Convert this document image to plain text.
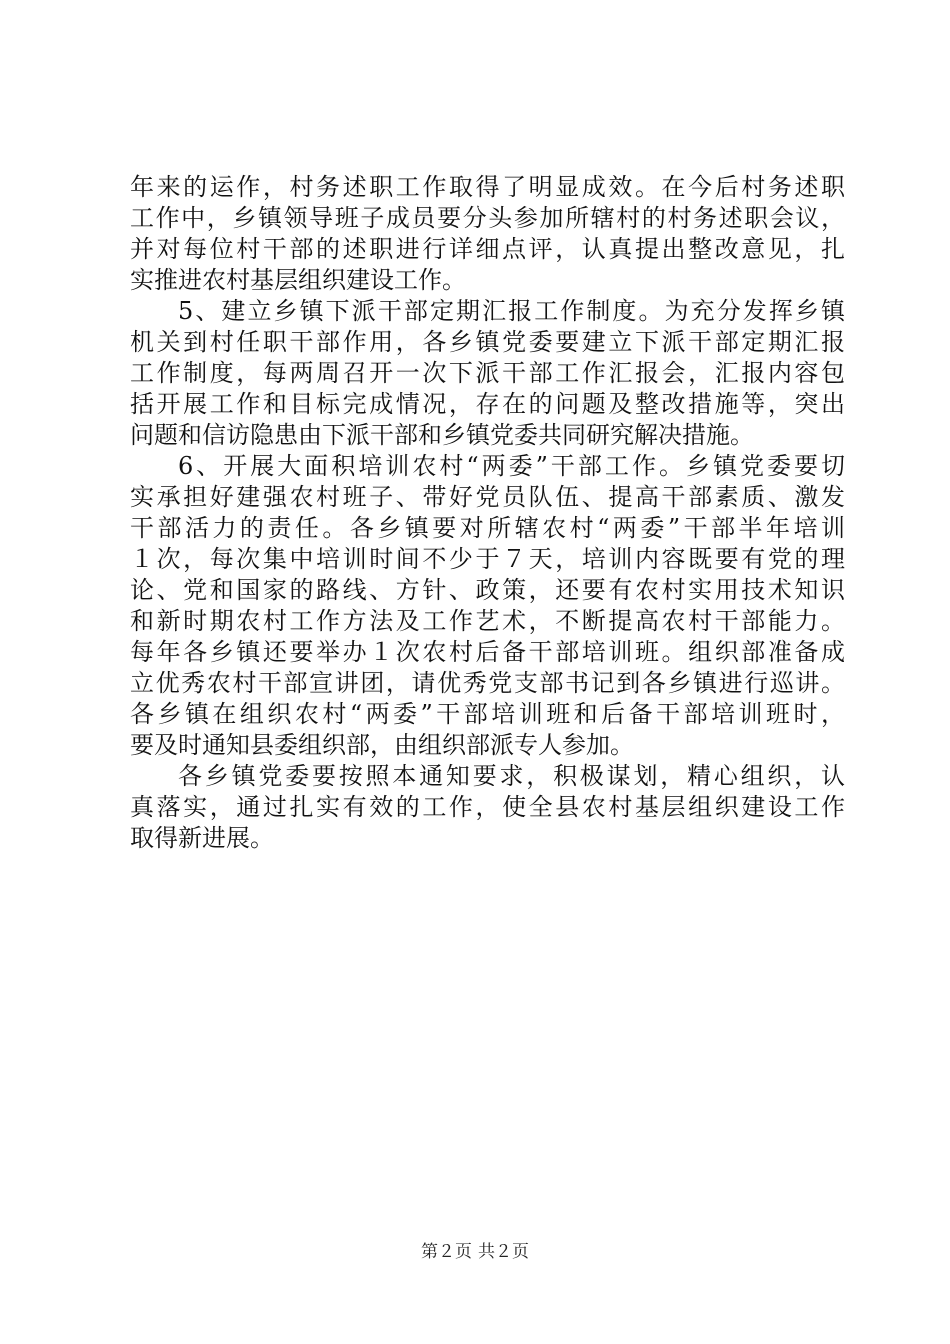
年来的运作，村务述职工作取得了明显成效。在今后村务述职
工作中，乡镇领导班子成员要分头参加所辖村的村务述职会议，
并对每位村干部的述职进行详细点评，认真提出整改意见，扎
实推进农村基层组织建设工作。
5、建立乡镇下派干部定期汇报工作制度。为充分发挥乡镇
机关到村任职干部作用，各乡镇党委要建立下派干部定期汇报
工作制度，每两周召开一次下派干部工作汇报会，汇报内容包
括开展工作和目标完成情况，存在的问题及整改措施等，突出
问题和信访隐患由下派干部和乡镇党委共同研究解决措施。
6、开展大面积培训农村“两委”干部工作。乡镇党委要切
实承担好建强农村班子、带好党员队伍、提高干部素质、激发
干部活力的责任。各乡镇要对所辖农村“两委”干部半年培训
１次，每次集中培训时间不少于７天，培训内容既要有党的理
论、党和国家的路线、方针、政策，还要有农村实用技术知识
和新时期农村工作方法及工作艺术，不断提高农村干部能力。
每年各乡镇还要举办１次农村后备干部培训班。组织部准备成
立优秀农村干部宣讲团，请优秀党支部书记到各乡镇进行巡讲。
各乡镇在组织农村“两委”干部培训班和后备干部培训班时，
要及时通知县委组织部，由组织部派专人参加。
各乡镇党委要按照本通知要求，积极谋划，精心组织，认
真落实，通过扎实有效的工作，使全县农村基层组织建设工作
取得新进展。
第２页 共２页
